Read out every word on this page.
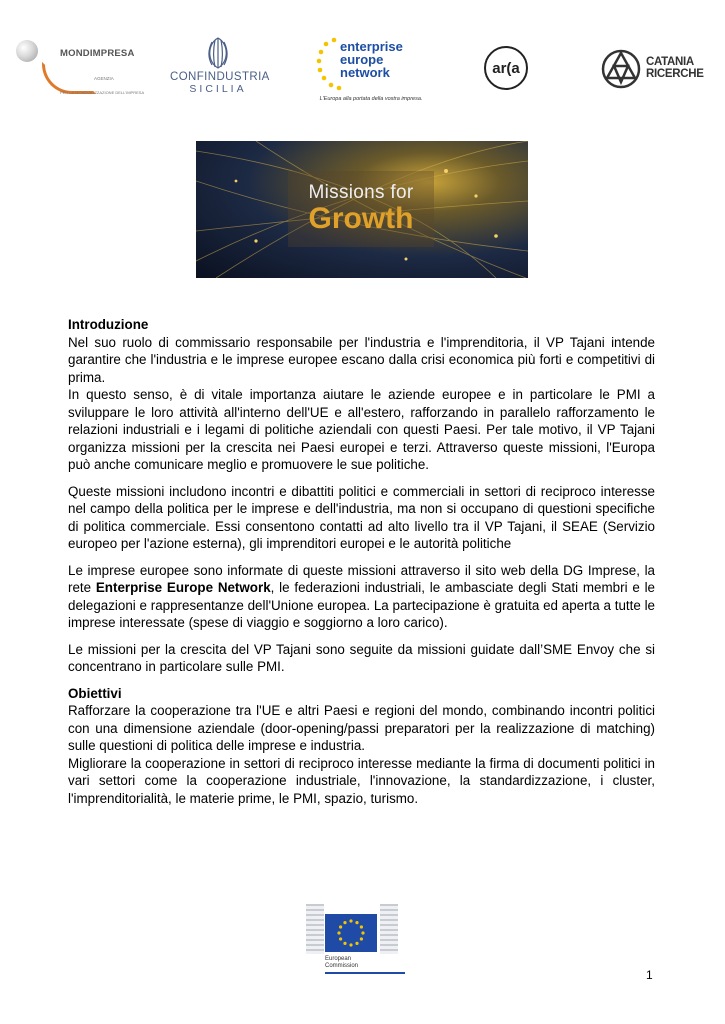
MONDIMPRESA
AGENZIA
PER LA MONDIALIZZAZIONE DELL'IMPRESA
CONFINDUSTRIA
SICILIA
enterprise
europe
network
L'Europa alla portata della vostra impresa.
ar(a	CATANIA
RICERCHE
Missions for
Growth
Introduzione

Nel suo ruolo di commissario responsabile per l'industria e l'imprenditoria, il VP Tajani intende garantire che l'industria e le imprese europee escano dalla crisi economica più forti e competitivi di prima.

In questo senso, è di vitale importanza aiutare le aziende europee e in particolare le PMI a sviluppare le loro attività all'interno dell'UE e all'estero, rafforzando in parallelo rafforzamento le relazioni industriali e i legami di politiche aziendali con questi Paesi. Per tale motivo, il VP Tajani organizza missioni per la crescita nei Paesi europei e terzi. Attraverso queste missioni, l'Europa può anche comunicare meglio e promuovere le sue politiche.

Queste missioni includono incontri e dibattiti politici e commerciali in settori di reciproco interesse nel campo della politica per le imprese e dell'industria, ma non si occupano di questioni specifiche di politica commerciale. Essi consentono contatti ad alto livello tra il VP Tajani, il SEAE (Servizio europeo per l'azione esterna), gli imprenditori europei e le autorità politiche

Le imprese europee sono informate di queste missioni attraverso il sito web della DG Imprese, la rete Enterprise Europe Network, le federazioni industriali, le ambasciate degli Stati membri e le delegazioni e rappresentanze dell'Unione europea. La partecipazione è gratuita ed aperta a tutte le imprese interessate (spese di viaggio e soggiorno a loro carico).

Le missioni per la crescita del VP Tajani sono seguite da missioni guidate dall’SME Envoy che si concentrano in particolare sulle PMI.

Obiettivi

Rafforzare la cooperazione tra l'UE e altri Paesi e regioni del mondo, combinando incontri politici con una dimensione aziendale (door-opening/passi preparatori per la realizzazione di matching) sulle questioni di politica delle imprese e industria.

Migliorare la cooperazione in settori di reciproco interesse mediante la firma di documenti politici in vari settori come la cooperazione industriale, l'innovazione, la standardizzazione, i cluster, l'imprenditorialità, le materie prime, le PMI, spazio, turismo.

European
Commission
1
